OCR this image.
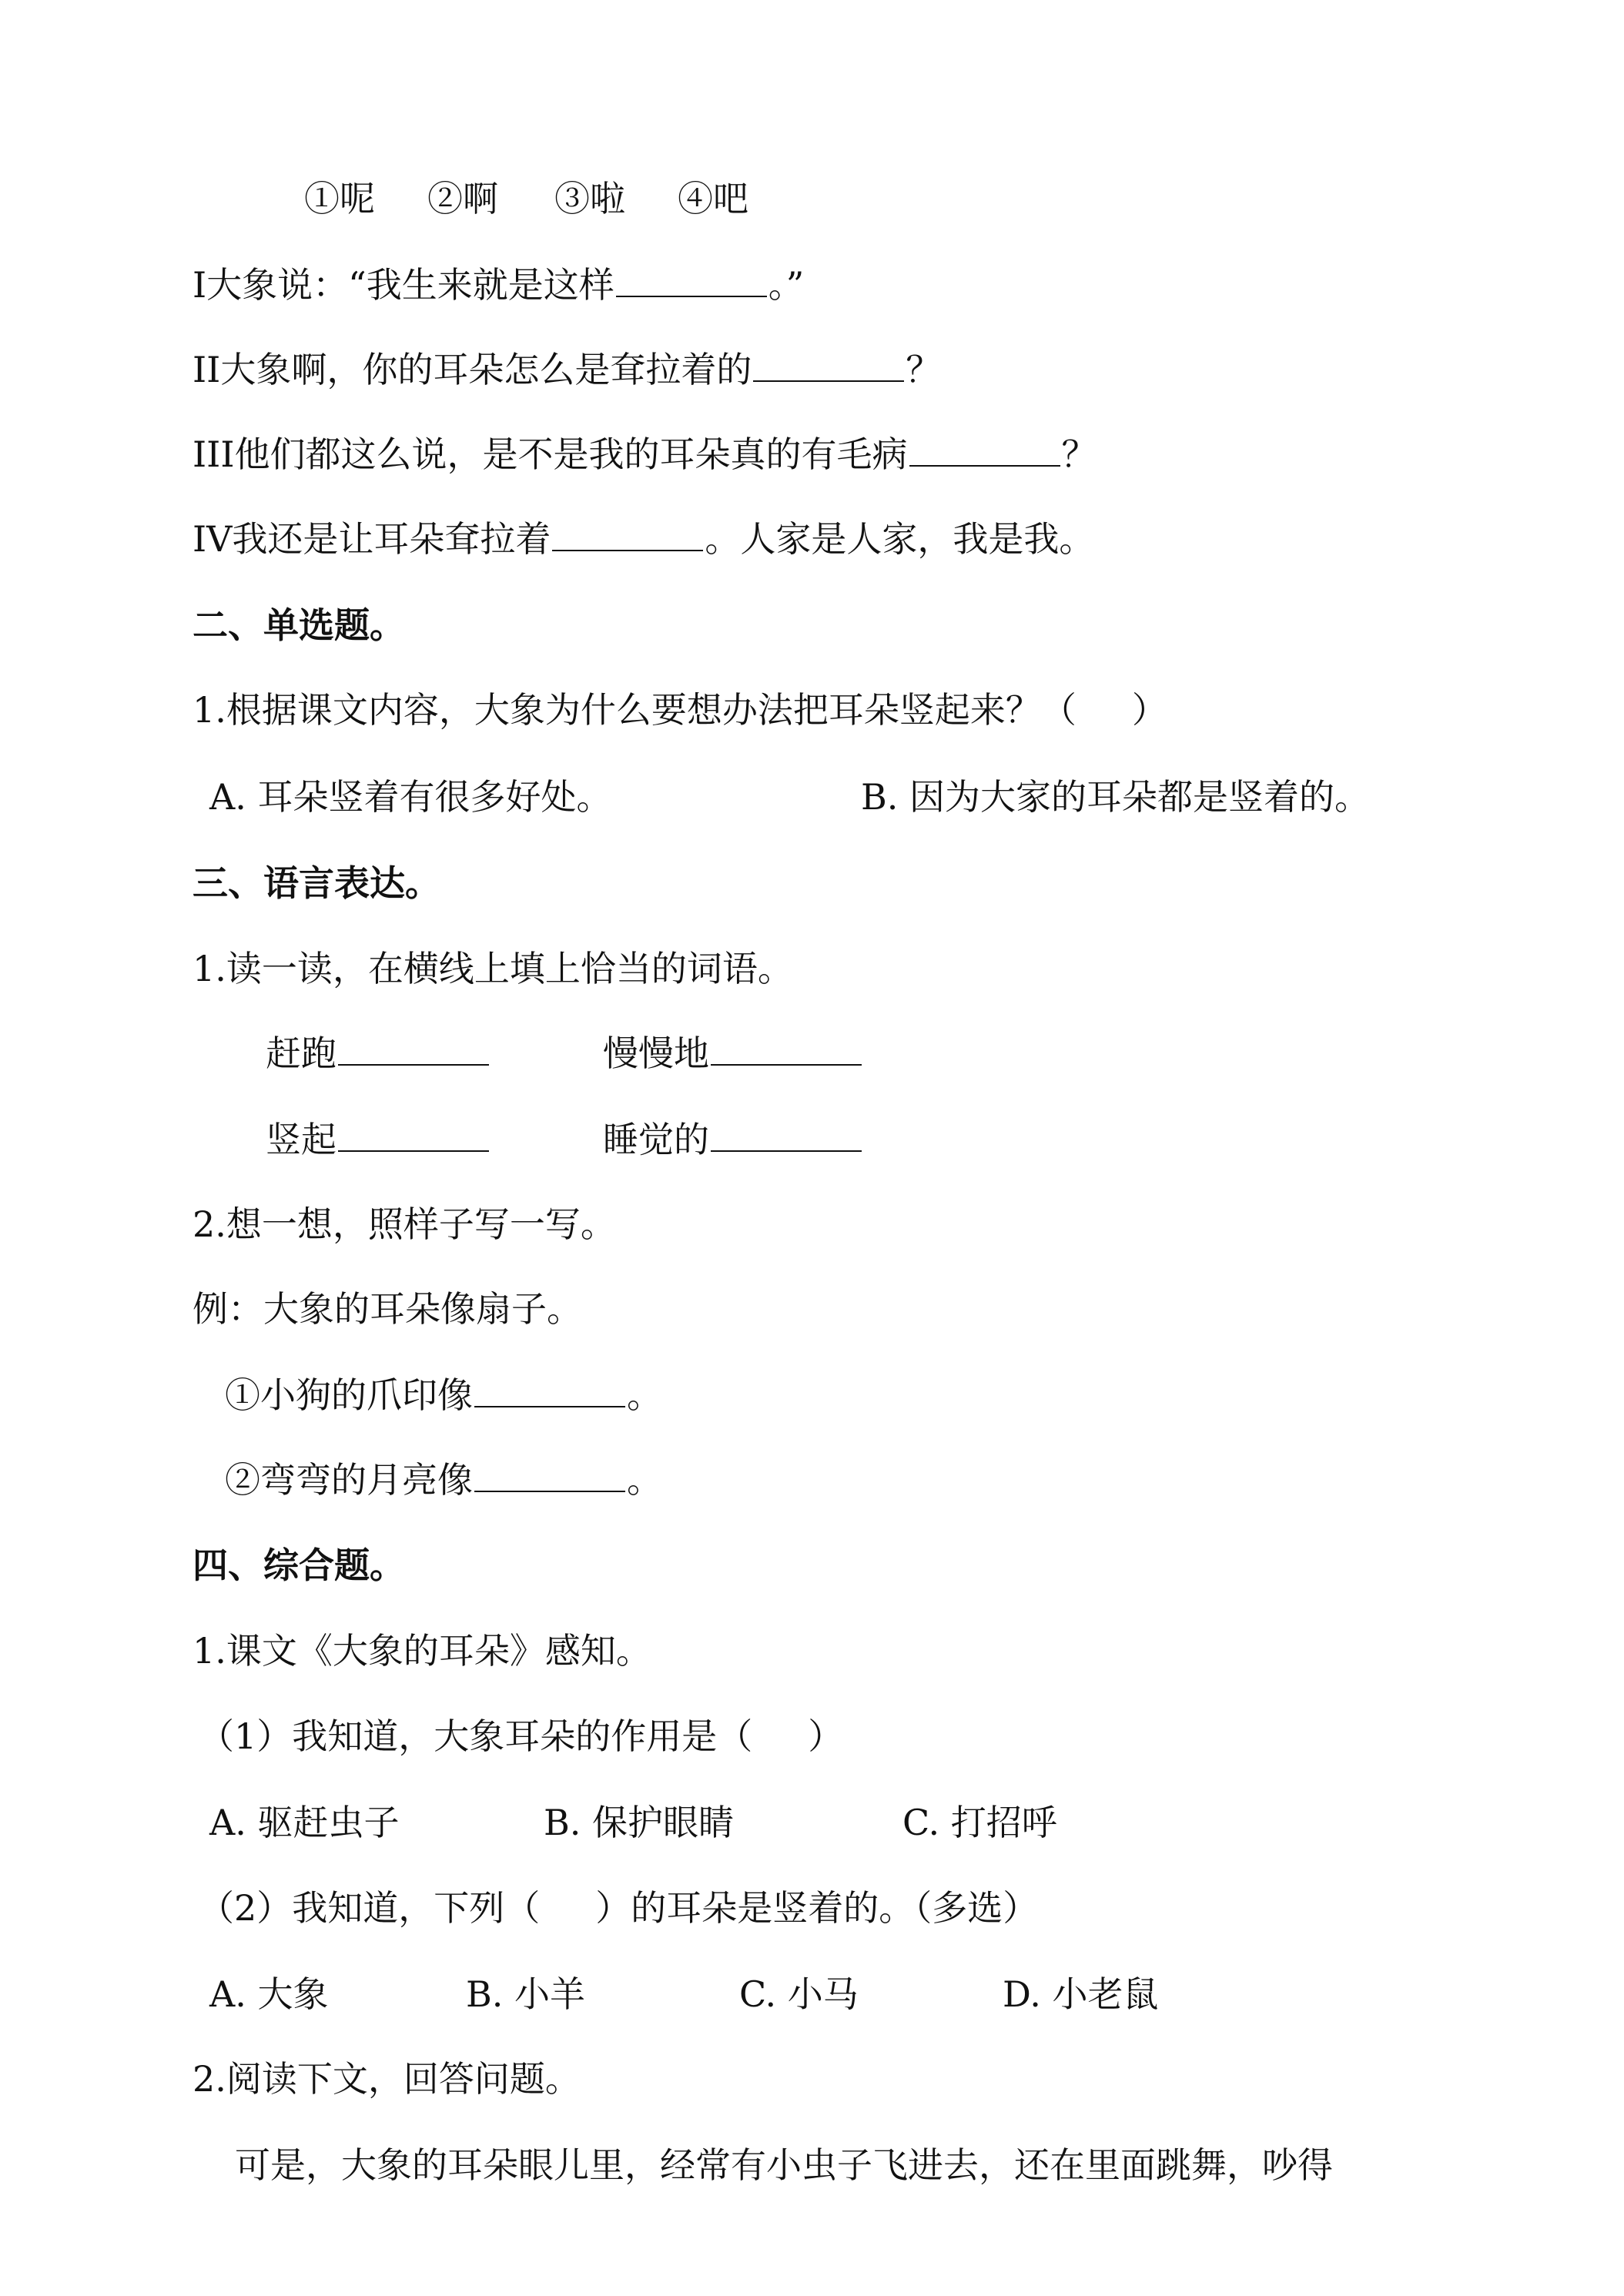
①呢 ②啊 ③啦 ④吧
I大象说：“我生来就是这样	。”
II大象啊，你的耳朵怎么是耷拉着的	？
III他们都这么说，是不是我的耳朵真的有毛病	？
IV我还是让耳朵耷拉着	。人家是人家，我是我。
二、单选题。
1.根据课文内容，大象为什么要想办法把耳朵竖起来？（ ）
A. 耳朵竖着有很多好处。	B. 因为大家的耳朵都是竖着的。
三、语言表达。
1.读一读，在横线上填上恰当的词语。
赶跑	慢慢地
竖起	睡觉的
2.想一想，照样子写一写。
例：大象的耳朵像扇子。
①小狗的爪印像	。
②弯弯的月亮像	。
四、综合题。
1.课文《大象的耳朵》感知。
（1）我知道，大象耳朵的作用是（ ）
A. 驱赶虫子	B. 保护眼睛	C. 打招呼
（2）我知道，下列（ ）的耳朵是竖着的。（多选）
A. 大象	B. 小羊	C. 小马	D. 小老鼠
2.阅读下文，回答问题。
可是，大象的耳朵眼儿里，经常有小虫子飞进去，还在里面跳舞，吵得
